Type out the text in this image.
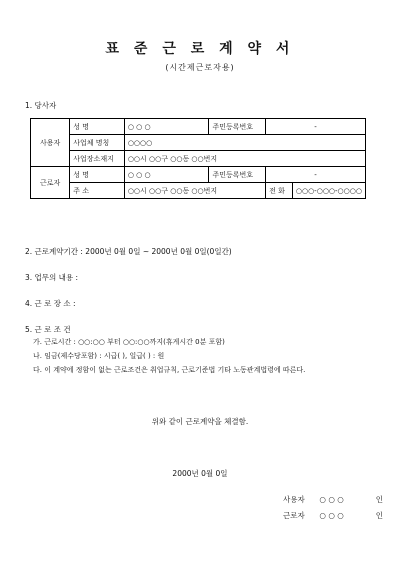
표 준 근 로 계 약 서
(시간제근로자용)
1. 당사자
사용자	성 명	○ ○ ○	주민등록번호	-	
	사업체 명칭	○○○○			
	사업장소재지	○○시 ○○구 ○○동 ○○번지			
근로자	성 명	○ ○ ○	주민등록번호	-	
	주 소	○○시 ○○구 ○○동 ○○번지		전 화	○○○-○○○-○○○○
2. 근로계약기간 : 2000년 0월 0일 ~ 2000년 0월 0일(0일간)
3. 업무의 내용 :
4. 근 로 장 소 :
5. 근 로 조 건
가. 근로시간 : ○○:○○ 부터 ○○:○○까지(휴게시간 0분 포함)
나. 임금(제수당포함) : 시급( ), 일급( ) : 원
다. 이 계약에 정함이 없는 근로조건은 취업규칙, 근로기준법 기타 노동관계법령에 따른다.
위와 같이 근로계약을 체결함.
2000년 0월 0일
사용자 ○ ○ ○	인
근로자 ○ ○ ○	인
